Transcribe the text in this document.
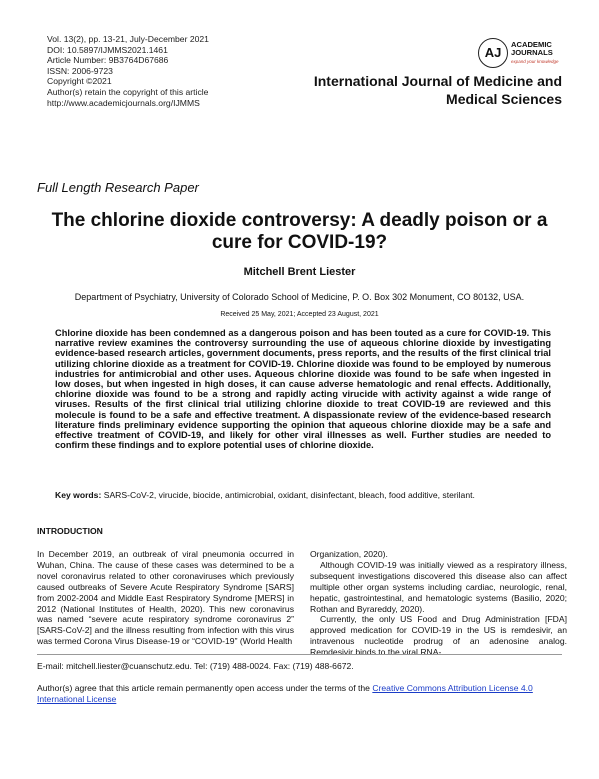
Vol. 13(2), pp. 13-21, July-December 2021
DOI: 10.5897/IJMMS2021.1461
Article Number: 9B3764D67686
ISSN: 2006-9723
Copyright ©2021
Author(s) retain the copyright of this article
http://www.academicjournals.org/IJMMS
AJ
ACADEMIC
JOURNALS
expand your knowledge
International Journal of Medicine and Medical Sciences
Full Length Research Paper
The chlorine dioxide controversy: A deadly poison or a cure for COVID-19?
Mitchell Brent Liester
Department of Psychiatry, University of Colorado School of Medicine, P. O. Box 302 Monument, CO 80132, USA.
Received 25 May, 2021; Accepted 23 August, 2021
Chlorine dioxide has been condemned as a dangerous poison and has been touted as a cure for COVID-19. This narrative review examines the controversy surrounding the use of aqueous chlorine dioxide by investigating evidence-based research articles, government documents, press reports, and the results of the first clinical trial utilizing chlorine dioxide as a treatment for COVID-19. Chlorine dioxide was found to be employed by numerous industries for antimicrobial and other uses. Aqueous chlorine dioxide was found to be safe when ingested in low doses, but when ingested in high doses, it can cause adverse hematologic and renal effects. Additionally, chlorine dioxide was found to be a strong and rapidly acting virucide with activity against a wide range of viruses. Results of the first clinical trial utilizing chlorine dioxide to treat COVID-19 are reviewed and this molecule is found to be a safe and effective treatment. A dispassionate review of the evidence-based research literature finds preliminary evidence supporting the opinion that aqueous chlorine dioxide may be a safe and effective treatment of COVID-19, and likely for other viral illnesses as well. Further studies are needed to confirm these findings and to explore potential uses of chlorine dioxide.
Key words: SARS-CoV-2, virucide, biocide, antimicrobial, oxidant, disinfectant, bleach, food additive, sterilant.
INTRODUCTION

In December 2019, an outbreak of viral pneumonia occurred in Wuhan, China. The cause of these cases was determined to be a novel coronavirus related to other coronaviruses which previously caused outbreaks of Severe Acute Respiratory Syndrome [SARS] from 2002-2004 and Middle East Respiratory Syndrome [MERS] in 2012 (National Institutes of Health, 2020). This new coronavirus was named “severe acute respiratory syndrome coronavirus 2” [SARS-CoV-2] and the illness resulting from infection with this virus was termed Corona Virus Disease-19 or “COVID-19” (World Health

Organization, 2020).

Although COVID-19 was initially viewed as a respiratory illness, subsequent investigations discovered this disease also can affect multiple other organ systems including cardiac, neurologic, renal, hepatic, gastrointestinal, and hematologic systems (Basilio, 2020; Rothan and Byrareddy, 2020).

Currently, the only US Food and Drug Administration [FDA] approved medication for COVID-19 in the US is remdesivir, an intravenous nucleotide prodrug of an adenosine analog. Remdesivir binds to the viral RNA-

E-mail: mitchell.liester@cuanschutz.edu. Tel: (719) 488-0024. Fax: (719) 488-6672.
Author(s) agree that this article remain permanently open access under the terms of the Creative Commons Attribution License 4.0 International License
